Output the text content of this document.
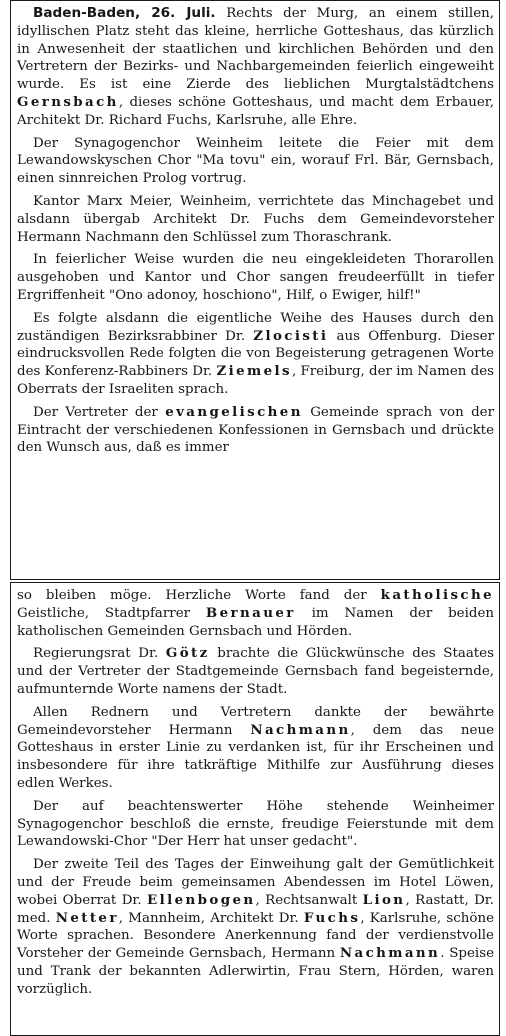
Baden-Baden, 26. Juli. Rechts der Murg, an einem stillen, idyllischen Platz steht das kleine, herrliche Gotteshaus, das kürzlich in Anwesenheit der staatlichen und kirchlichen Behörden und den Vertretern der Bezirks- und Nachbargemeinden feierlich eingeweiht wurde. Es ist eine Zierde des lieblichen Murgtalstädtchens Gernsbach, dieses schöne Gotteshaus, und macht dem Erbauer, Architekt Dr. Richard Fuchs, Karlsruhe, alle Ehre.

Der Synagogenchor Weinheim leitete die Feier mit dem Lewandowskyschen Chor "Ma tovu" ein, worauf Frl. Bär, Gernsbach, einen sinnreichen Prolog vortrug.

Kantor Marx Meier, Weinheim, verrichtete das Minchagebet und alsdann übergab Architekt Dr. Fuchs dem Gemeindevorsteher Hermann Nachmann den Schlüssel zum Thoraschrank.

In feierlicher Weise wurden die neu eingekleideten Thorarollen ausgehoben und Kantor und Chor sangen freudeerfüllt in tiefer Ergriffenheit "Ono adonoy, hoschiono", Hilf, o Ewiger, hilf!"

Es folgte alsdann die eigentliche Weihe des Hauses durch den zuständigen Bezirksrabbiner Dr. Zlocisti aus Offenburg. Dieser eindrucksvollen Rede folgten die von Begeisterung getragenen Worte des Konferenz-Rabbiners Dr. Ziemels, Freiburg, der im Namen des Oberrats der Israeliten sprach.

Der Vertreter der evangelischen Gemeinde sprach von der Eintracht der verschiedenen Konfessionen in Gernsbach und drückte den Wunsch aus, daß es immer

so bleiben möge. Herzliche Worte fand der katholische Geistliche, Stadtpfarrer Bernauer im Namen der beiden katholischen Gemeinden Gernsbach und Hörden.

Regierungsrat Dr. Götz brachte die Glückwünsche des Staates und der Vertreter der Stadtgemeinde Gernsbach fand begeisternde, aufmunternde Worte namens der Stadt.

Allen Rednern und Vertretern dankte der bewährte Gemeindevorsteher Hermann Nachmann, dem das neue Gotteshaus in erster Linie zu verdanken ist, für ihr Erscheinen und insbesondere für ihre tatkräftige Mithilfe zur Ausführung dieses edlen Werkes.

Der auf beachtenswerter Höhe stehende Weinheimer Synagogenchor beschloß die ernste, freudige Feierstunde mit dem Lewandowski-Chor "Der Herr hat unser gedacht".

Der zweite Teil des Tages der Einweihung galt der Gemütlichkeit und der Freude beim gemeinsamen Abendessen im Hotel Löwen, wobei Oberrat Dr. Ellenbogen, Rechtsanwalt Lion, Rastatt, Dr. med. Netter, Mannheim, Architekt Dr. Fuchs, Karlsruhe, schöne Worte sprachen. Besondere Anerkennung fand der verdienstvolle Vorsteher der Gemeinde Gernsbach, Hermann Nachmann. Speise und Trank der bekannten Adlerwirtin, Frau Stern, Hörden, waren vorzüglich.
